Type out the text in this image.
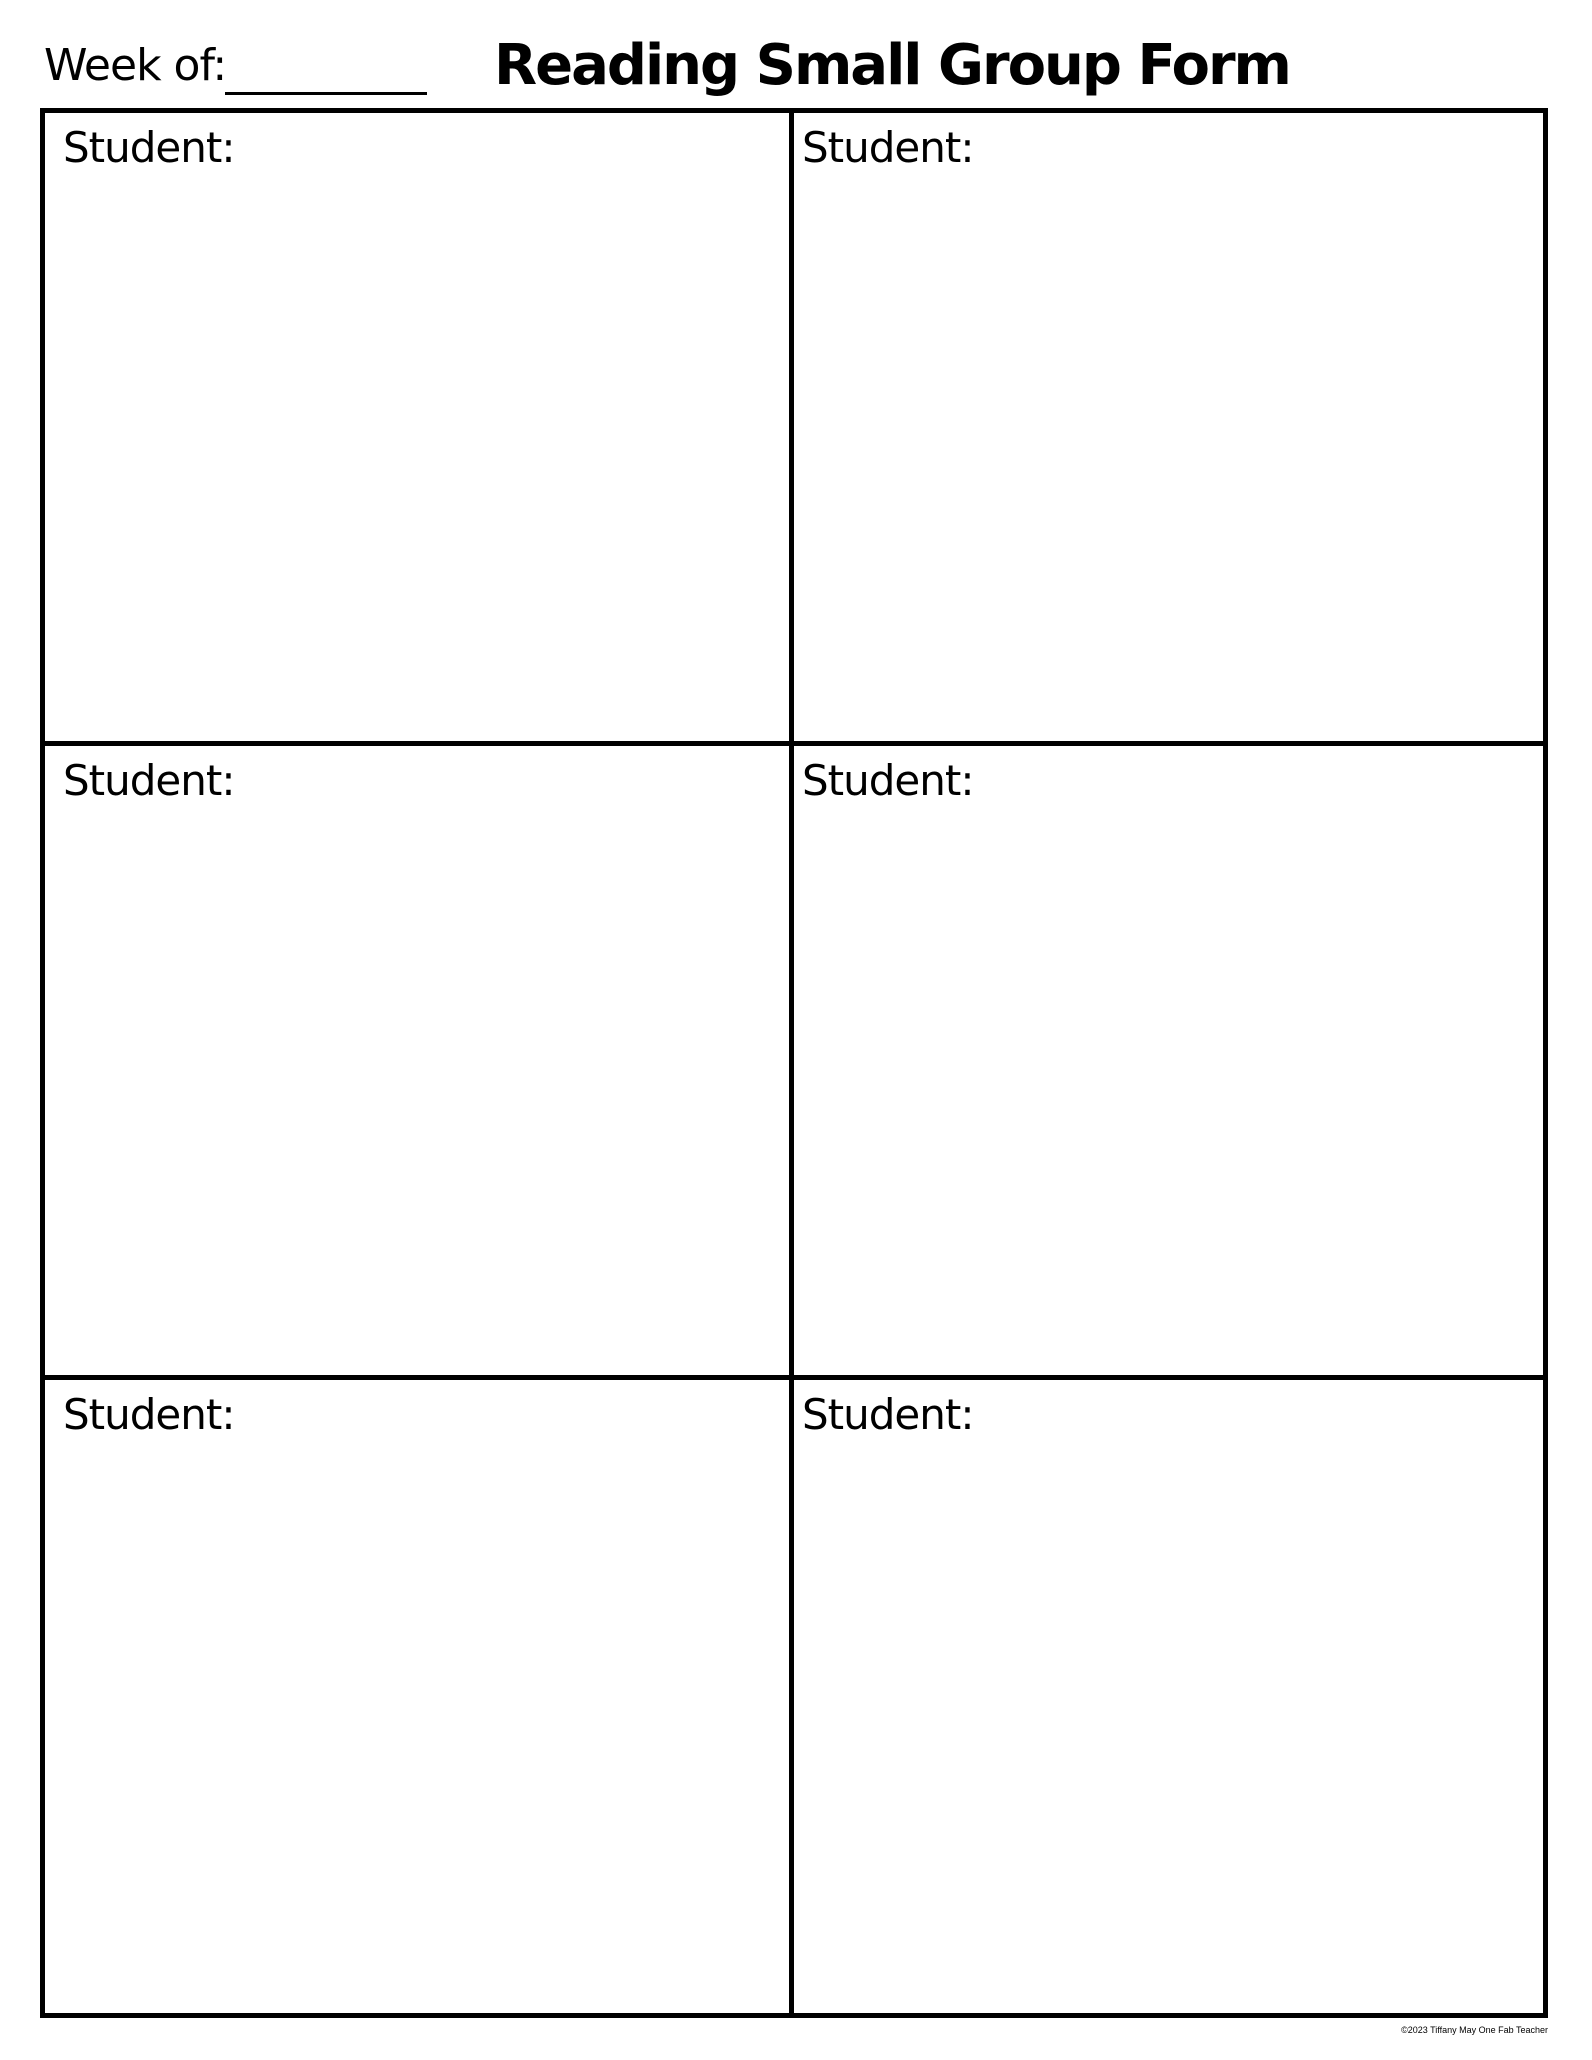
Week of:	Reading Small Group Form
Student:	Student:
Student:	Student:
Student:	Student:
©2023 Tiffany May One Fab Teacher
